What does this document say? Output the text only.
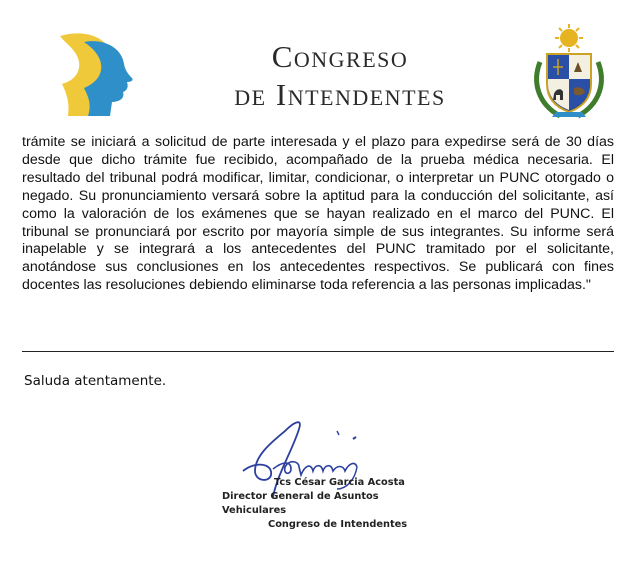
Congreso
de Intendentes

trámite se iniciará a solicitud de parte interesada y el plazo para expedirse será de 30 días desde que dicho trámite fue recibido, acompañado de la prueba médica necesaria. El resultado del tribunal podrá modificar, limitar, condicionar, o interpretar un PUNC otorgado o negado. Su pronunciamiento versará sobre la aptitud para la conducción del solicitante, así como la valoración de los exámenes que se hayan realizado en el marco del PUNC. El tribunal se pronunciará por escrito por mayoría simple de sus integrantes. Su informe será inapelable y se integrará a los antecedentes del PUNC tramitado por el solicitante, anotándose sus conclusiones en los antecedentes respectivos. Se publicará con fines docentes las resoluciones debiendo eliminarse toda referencia a las personas implicadas."

Saluda atentamente.
Tcs César Garcia Acosta
Director General de Asuntos Vehiculares
Congreso de Intendentes
